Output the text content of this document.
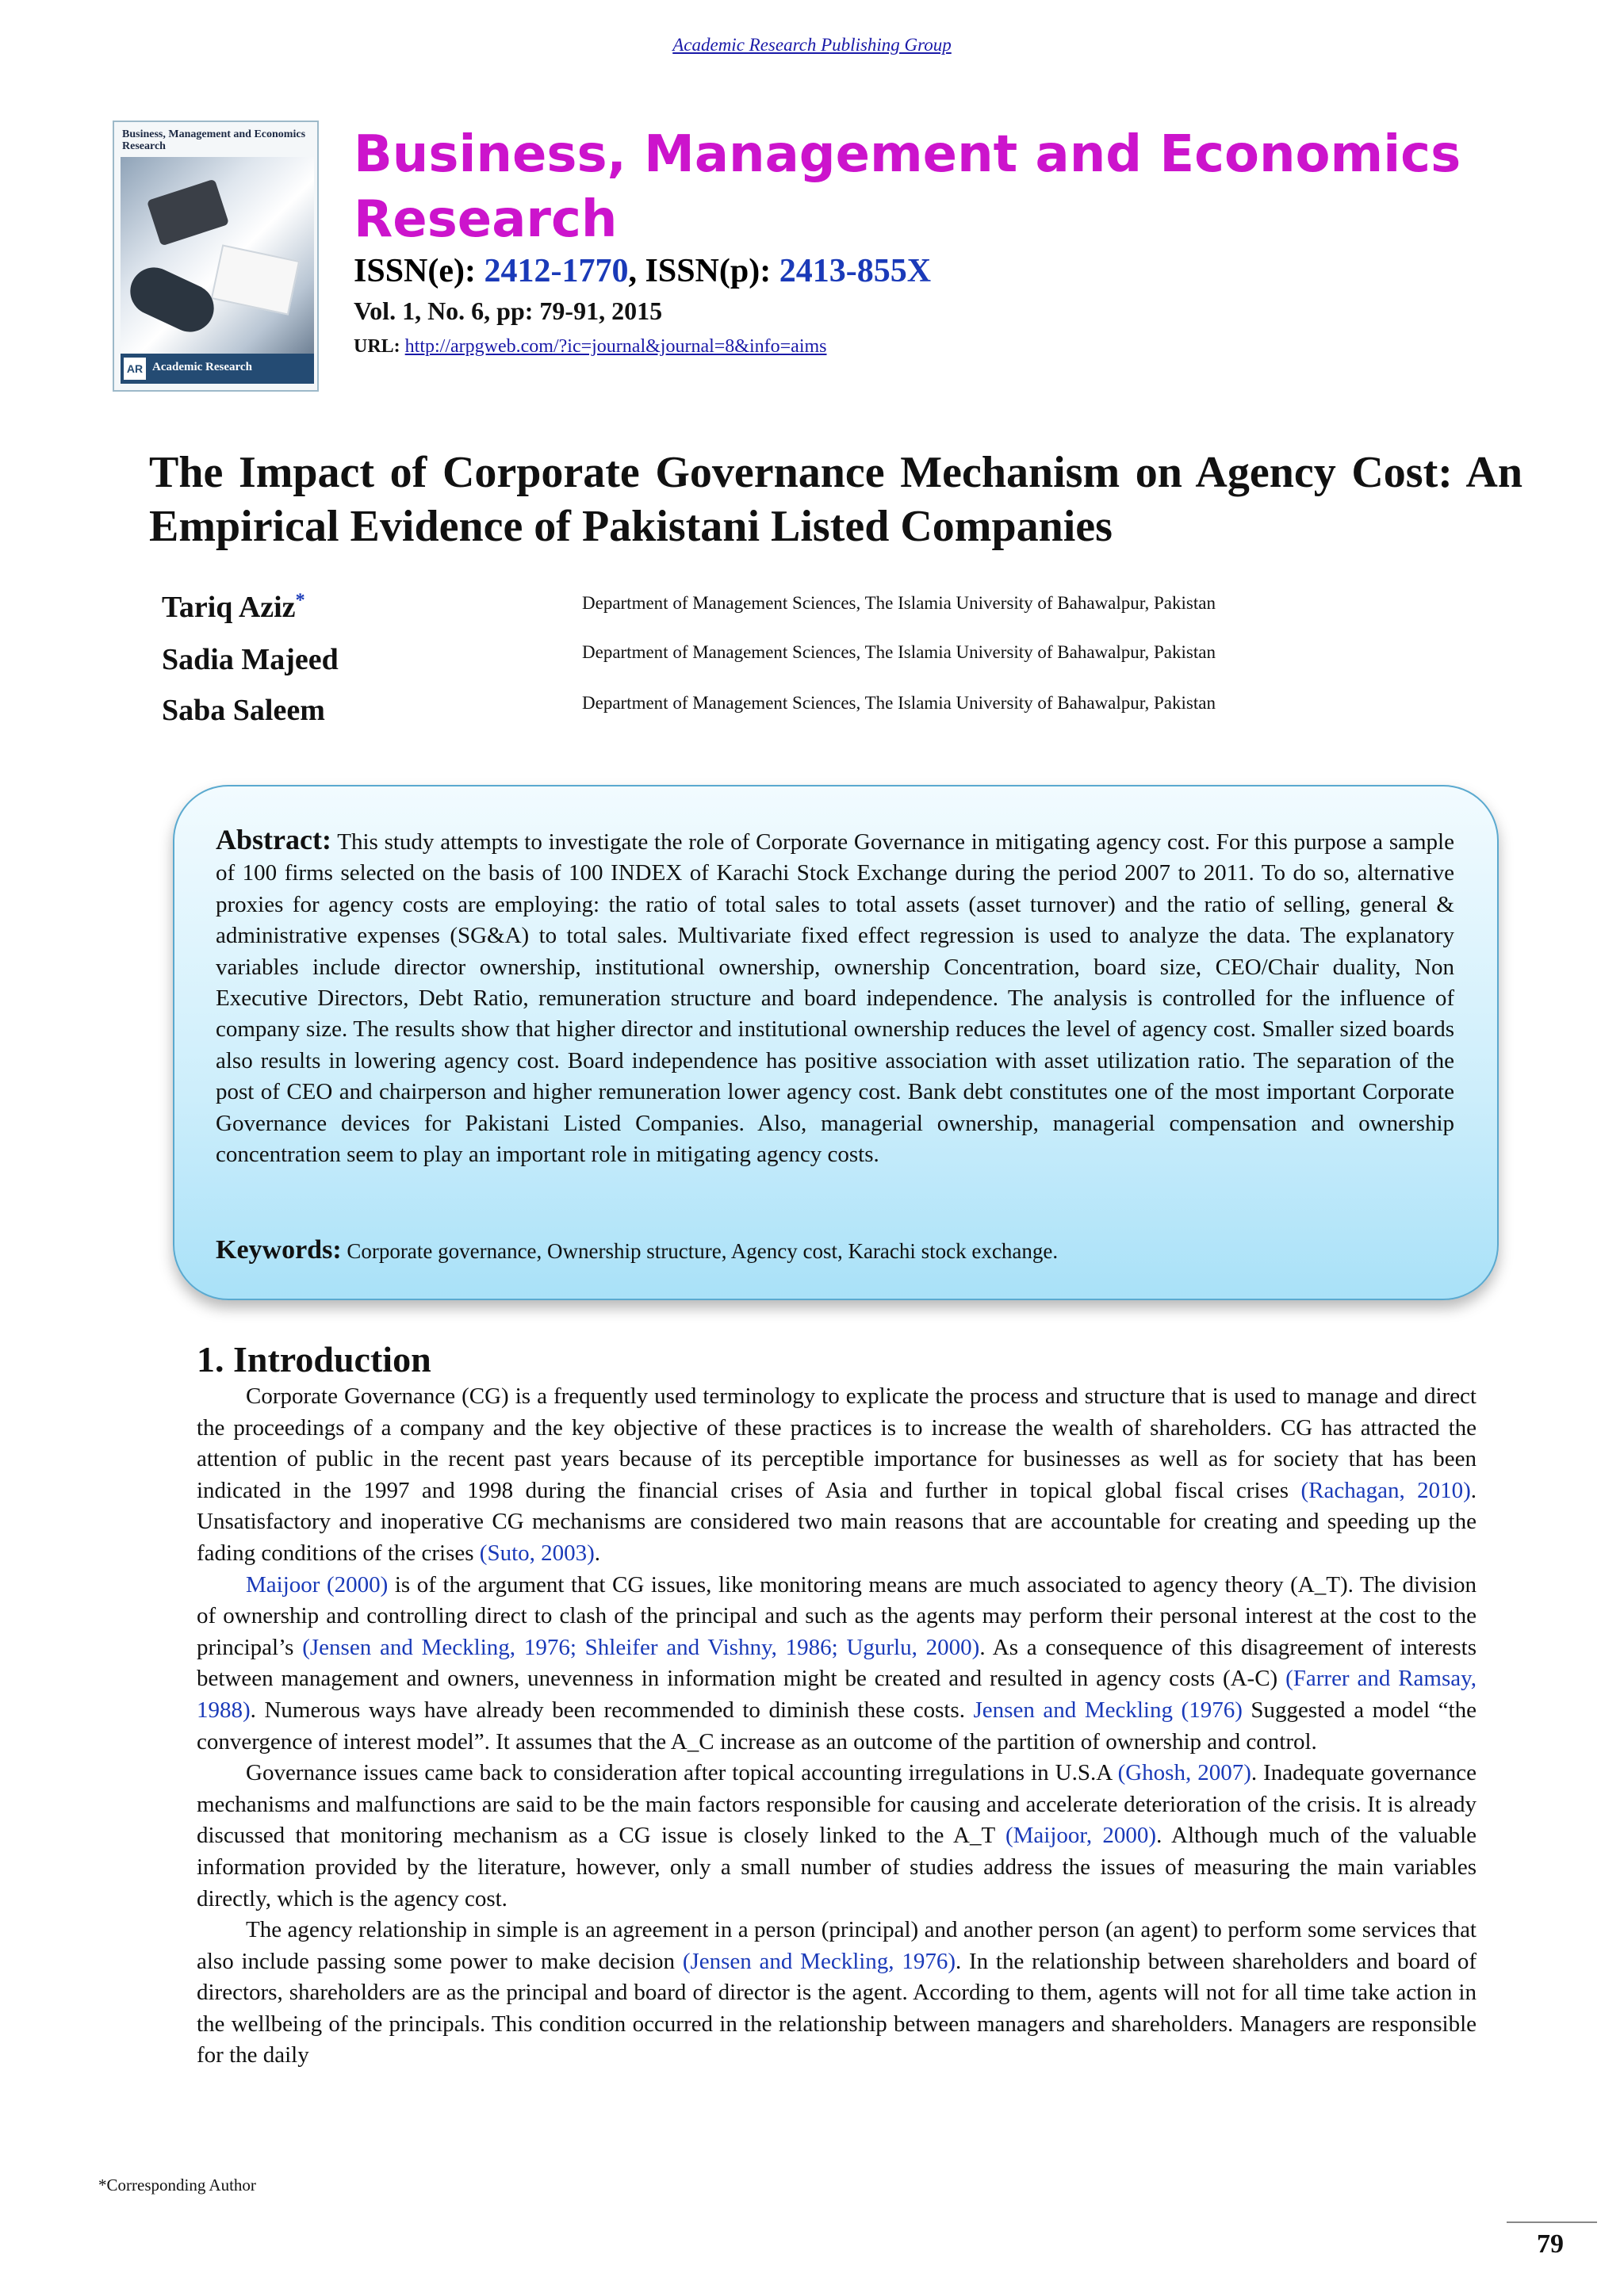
Academic Research Publishing Group
Business, Management and Economics Research
AR Academic Research
Business, Management and Economics Research
ISSN(e): 2412-1770, ISSN(p): 2413-855X
Vol. 1, No. 6, pp: 79-91, 2015
URL: http://arpgweb.com/?ic=journal&journal=8&info=aims
The Impact of Corporate Governance Mechanism on Agency Cost: An Empirical Evidence of Pakistani Listed Companies
Tariq Aziz*	Department of Management Sciences, The Islamia University of Bahawalpur, Pakistan
Sadia Majeed	Department of Management Sciences, The Islamia University of Bahawalpur, Pakistan
Saba Saleem	Department of Management Sciences, The Islamia University of Bahawalpur, Pakistan
Abstract: This study attempts to investigate the role of Corporate Governance in mitigating agency cost. For this purpose a sample of 100 firms selected on the basis of 100 INDEX of Karachi Stock Exchange during the period 2007 to 2011. To do so, alternative proxies for agency costs are employing: the ratio of total sales to total assets (asset turnover) and the ratio of selling, general & administrative expenses (SG&A) to total sales. Multivariate fixed effect regression is used to analyze the data. The explanatory variables include director ownership, institutional ownership, ownership Concentration, board size, CEO/Chair duality, Non Executive Directors, Debt Ratio, remuneration structure and board independence. The analysis is controlled for the influence of company size. The results show that higher director and institutional ownership reduces the level of agency cost. Smaller sized boards also results in lowering agency cost. Board independence has positive association with asset utilization ratio. The separation of the post of CEO and chairperson and higher remuneration lower agency cost. Bank debt constitutes one of the most important Corporate Governance devices for Pakistani Listed Companies. Also, managerial ownership, managerial compensation and ownership concentration seem to play an important role in mitigating agency costs.
Keywords: Corporate governance, Ownership structure, Agency cost, Karachi stock exchange.
1. Introduction

Corporate Governance (CG) is a frequently used terminology to explicate the process and structure that is used to manage and direct the proceedings of a company and the key objective of these practices is to increase the wealth of shareholders. CG has attracted the attention of public in the recent past years because of its perceptible importance for businesses as well as for society that has been indicated in the 1997 and 1998 during the financial crises of Asia and further in topical global fiscal crises (Rachagan, 2010). Unsatisfactory and inoperative CG mechanisms are considered two main reasons that are accountable for creating and speeding up the fading conditions of the crises (Suto, 2003).

Maijoor (2000) is of the argument that CG issues, like monitoring means are much associated to agency theory (A_T). The division of ownership and controlling direct to clash of the principal and such as the agents may perform their personal interest at the cost to the principal’s (Jensen and Meckling, 1976; Shleifer and Vishny, 1986; Ugurlu, 2000). As a consequence of this disagreement of interests between management and owners, unevenness in information might be created and resulted in agency costs (A-C) (Farrer and Ramsay, 1988). Numerous ways have already been recommended to diminish these costs. Jensen and Meckling (1976) Suggested a model “the convergence of interest model”. It assumes that the A_C increase as an outcome of the partition of ownership and control.

Governance issues came back to consideration after topical accounting irregulations in U.S.A (Ghosh, 2007). Inadequate governance mechanisms and malfunctions are said to be the main factors responsible for causing and accelerate deterioration of the crisis. It is already discussed that monitoring mechanism as a CG issue is closely linked to the A_T (Maijoor, 2000). Although much of the valuable information provided by the literature, however, only a small number of studies address the issues of measuring the main variables directly, which is the agency cost.

The agency relationship in simple is an agreement in a person (principal) and another person (an agent) to perform some services that also include passing some power to make decision (Jensen and Meckling, 1976). In the relationship between shareholders and board of directors, shareholders are as the principal and board of director is the agent. According to them, agents will not for all time take action in the wellbeing of the principals. This condition occurred in the relationship between managers and shareholders. Managers are responsible for the daily

*Corresponding Author
79
